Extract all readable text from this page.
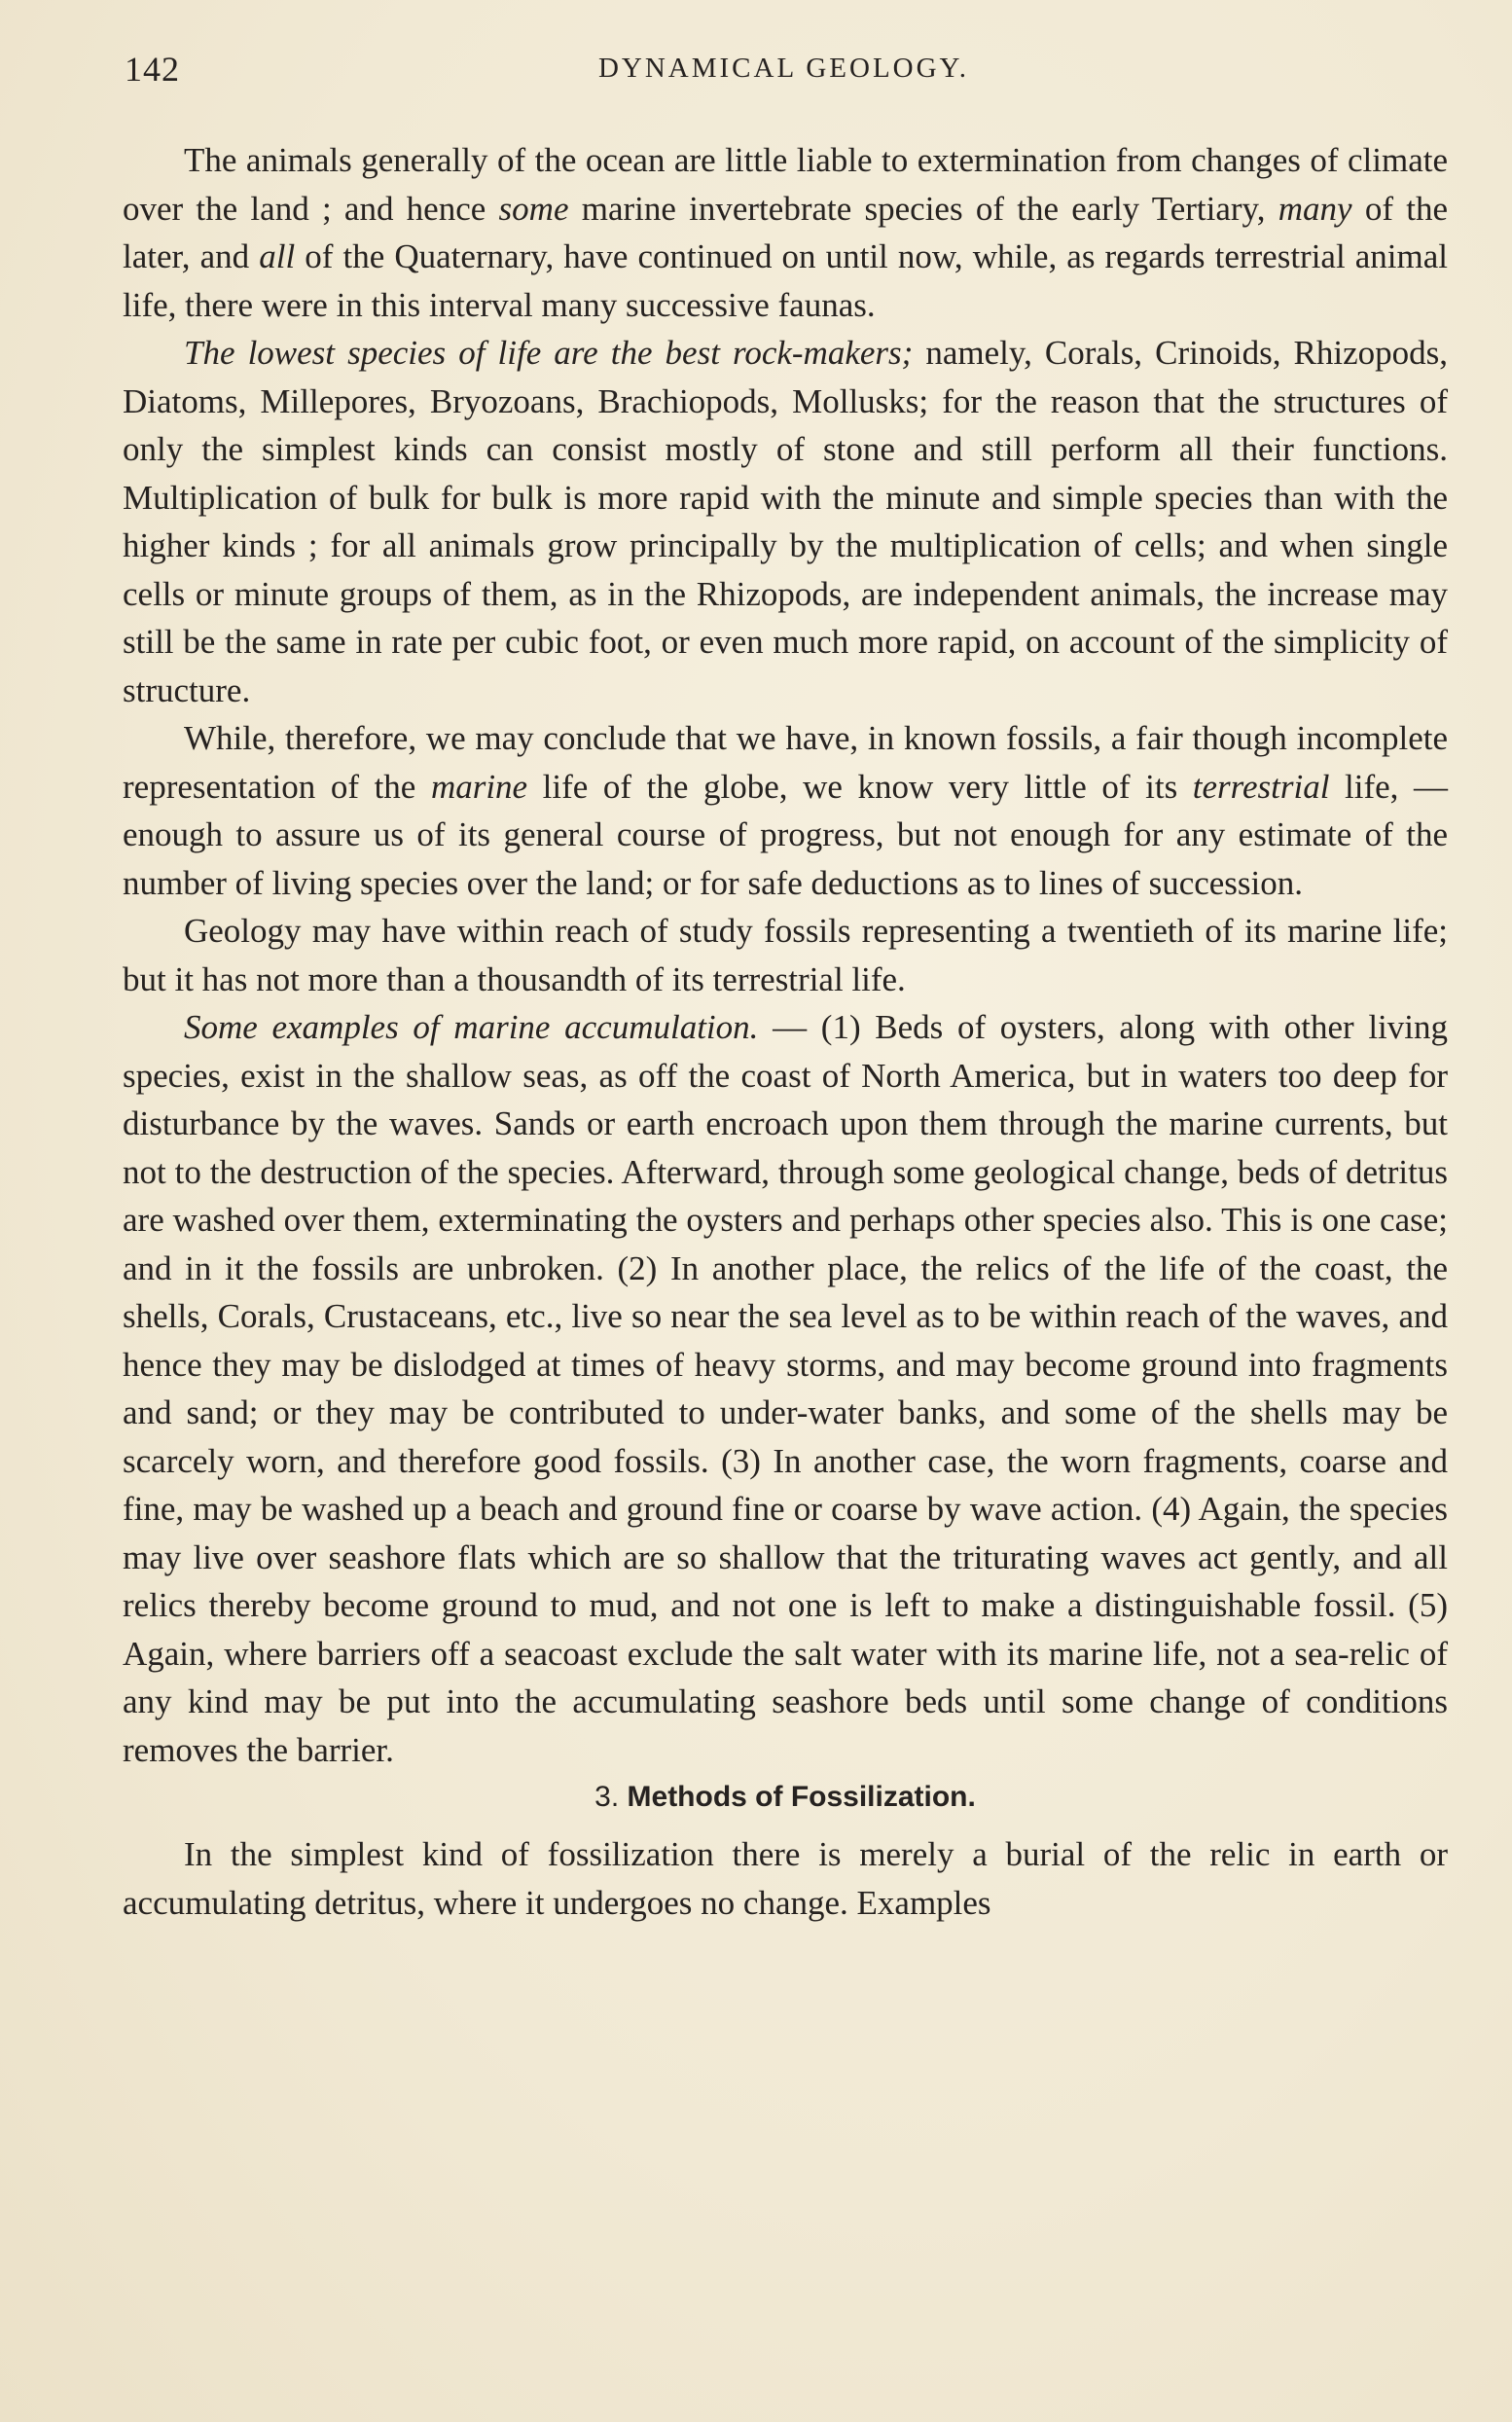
142	DYNAMICAL GEOLOGY.

The animals generally of the ocean are little liable to extermination from changes of climate over the land ; and hence some marine invertebrate species of the early Tertiary, many of the later, and all of the Quaternary, have continued on until now, while, as regards terrestrial animal life, there were in this interval many successive faunas.

The lowest species of life are the best rock-makers; namely, Corals, Crinoids, Rhizopods, Diatoms, Millepores, Bryozoans, Brachiopods, Mollusks; for the reason that the structures of only the simplest kinds can consist mostly of stone and still perform all their functions. Multiplication of bulk for bulk is more rapid with the minute and simple species than with the higher kinds ; for all animals grow principally by the multiplication of cells; and when single cells or minute groups of them, as in the Rhizopods, are independent animals, the increase may still be the same in rate per cubic foot, or even much more rapid, on account of the simplicity of structure.

While, therefore, we may conclude that we have, in known fossils, a fair though incomplete representation of the marine life of the globe, we know very little of its terrestrial life, — enough to assure us of its general course of progress, but not enough for any estimate of the number of living species over the land; or for safe deductions as to lines of succession.

Geology may have within reach of study fossils representing a twentieth of its marine life; but it has not more than a thousandth of its terrestrial life.

Some examples of marine accumulation. — (1) Beds of oysters, along with other living species, exist in the shallow seas, as off the coast of North America, but in waters too deep for disturbance by the waves. Sands or earth encroach upon them through the marine currents, but not to the destruction of the species. Afterward, through some geological change, beds of detritus are washed over them, exterminating the oysters and perhaps other species also. This is one case; and in it the fossils are unbroken. (2) In another place, the relics of the life of the coast, the shells, Corals, Crustaceans, etc., live so near the sea level as to be within reach of the waves, and hence they may be dislodged at times of heavy storms, and may become ground into fragments and sand; or they may be contributed to under-water banks, and some of the shells may be scarcely worn, and therefore good fossils. (3) In another case, the worn fragments, coarse and fine, may be washed up a beach and ground fine or coarse by wave action. (4) Again, the species may live over seashore flats which are so shallow that the triturating waves act gently, and all relics thereby become ground to mud, and not one is left to make a distinguishable fossil. (5) Again, where barriers off a seacoast exclude the salt water with its marine life, not a sea-relic of any kind may be put into the accumulating seashore beds until some change of conditions removes the barrier.

3. Methods of Fossilization.

In the simplest kind of fossilization there is merely a burial of the relic in earth or accumulating detritus, where it undergoes no change. Examples
